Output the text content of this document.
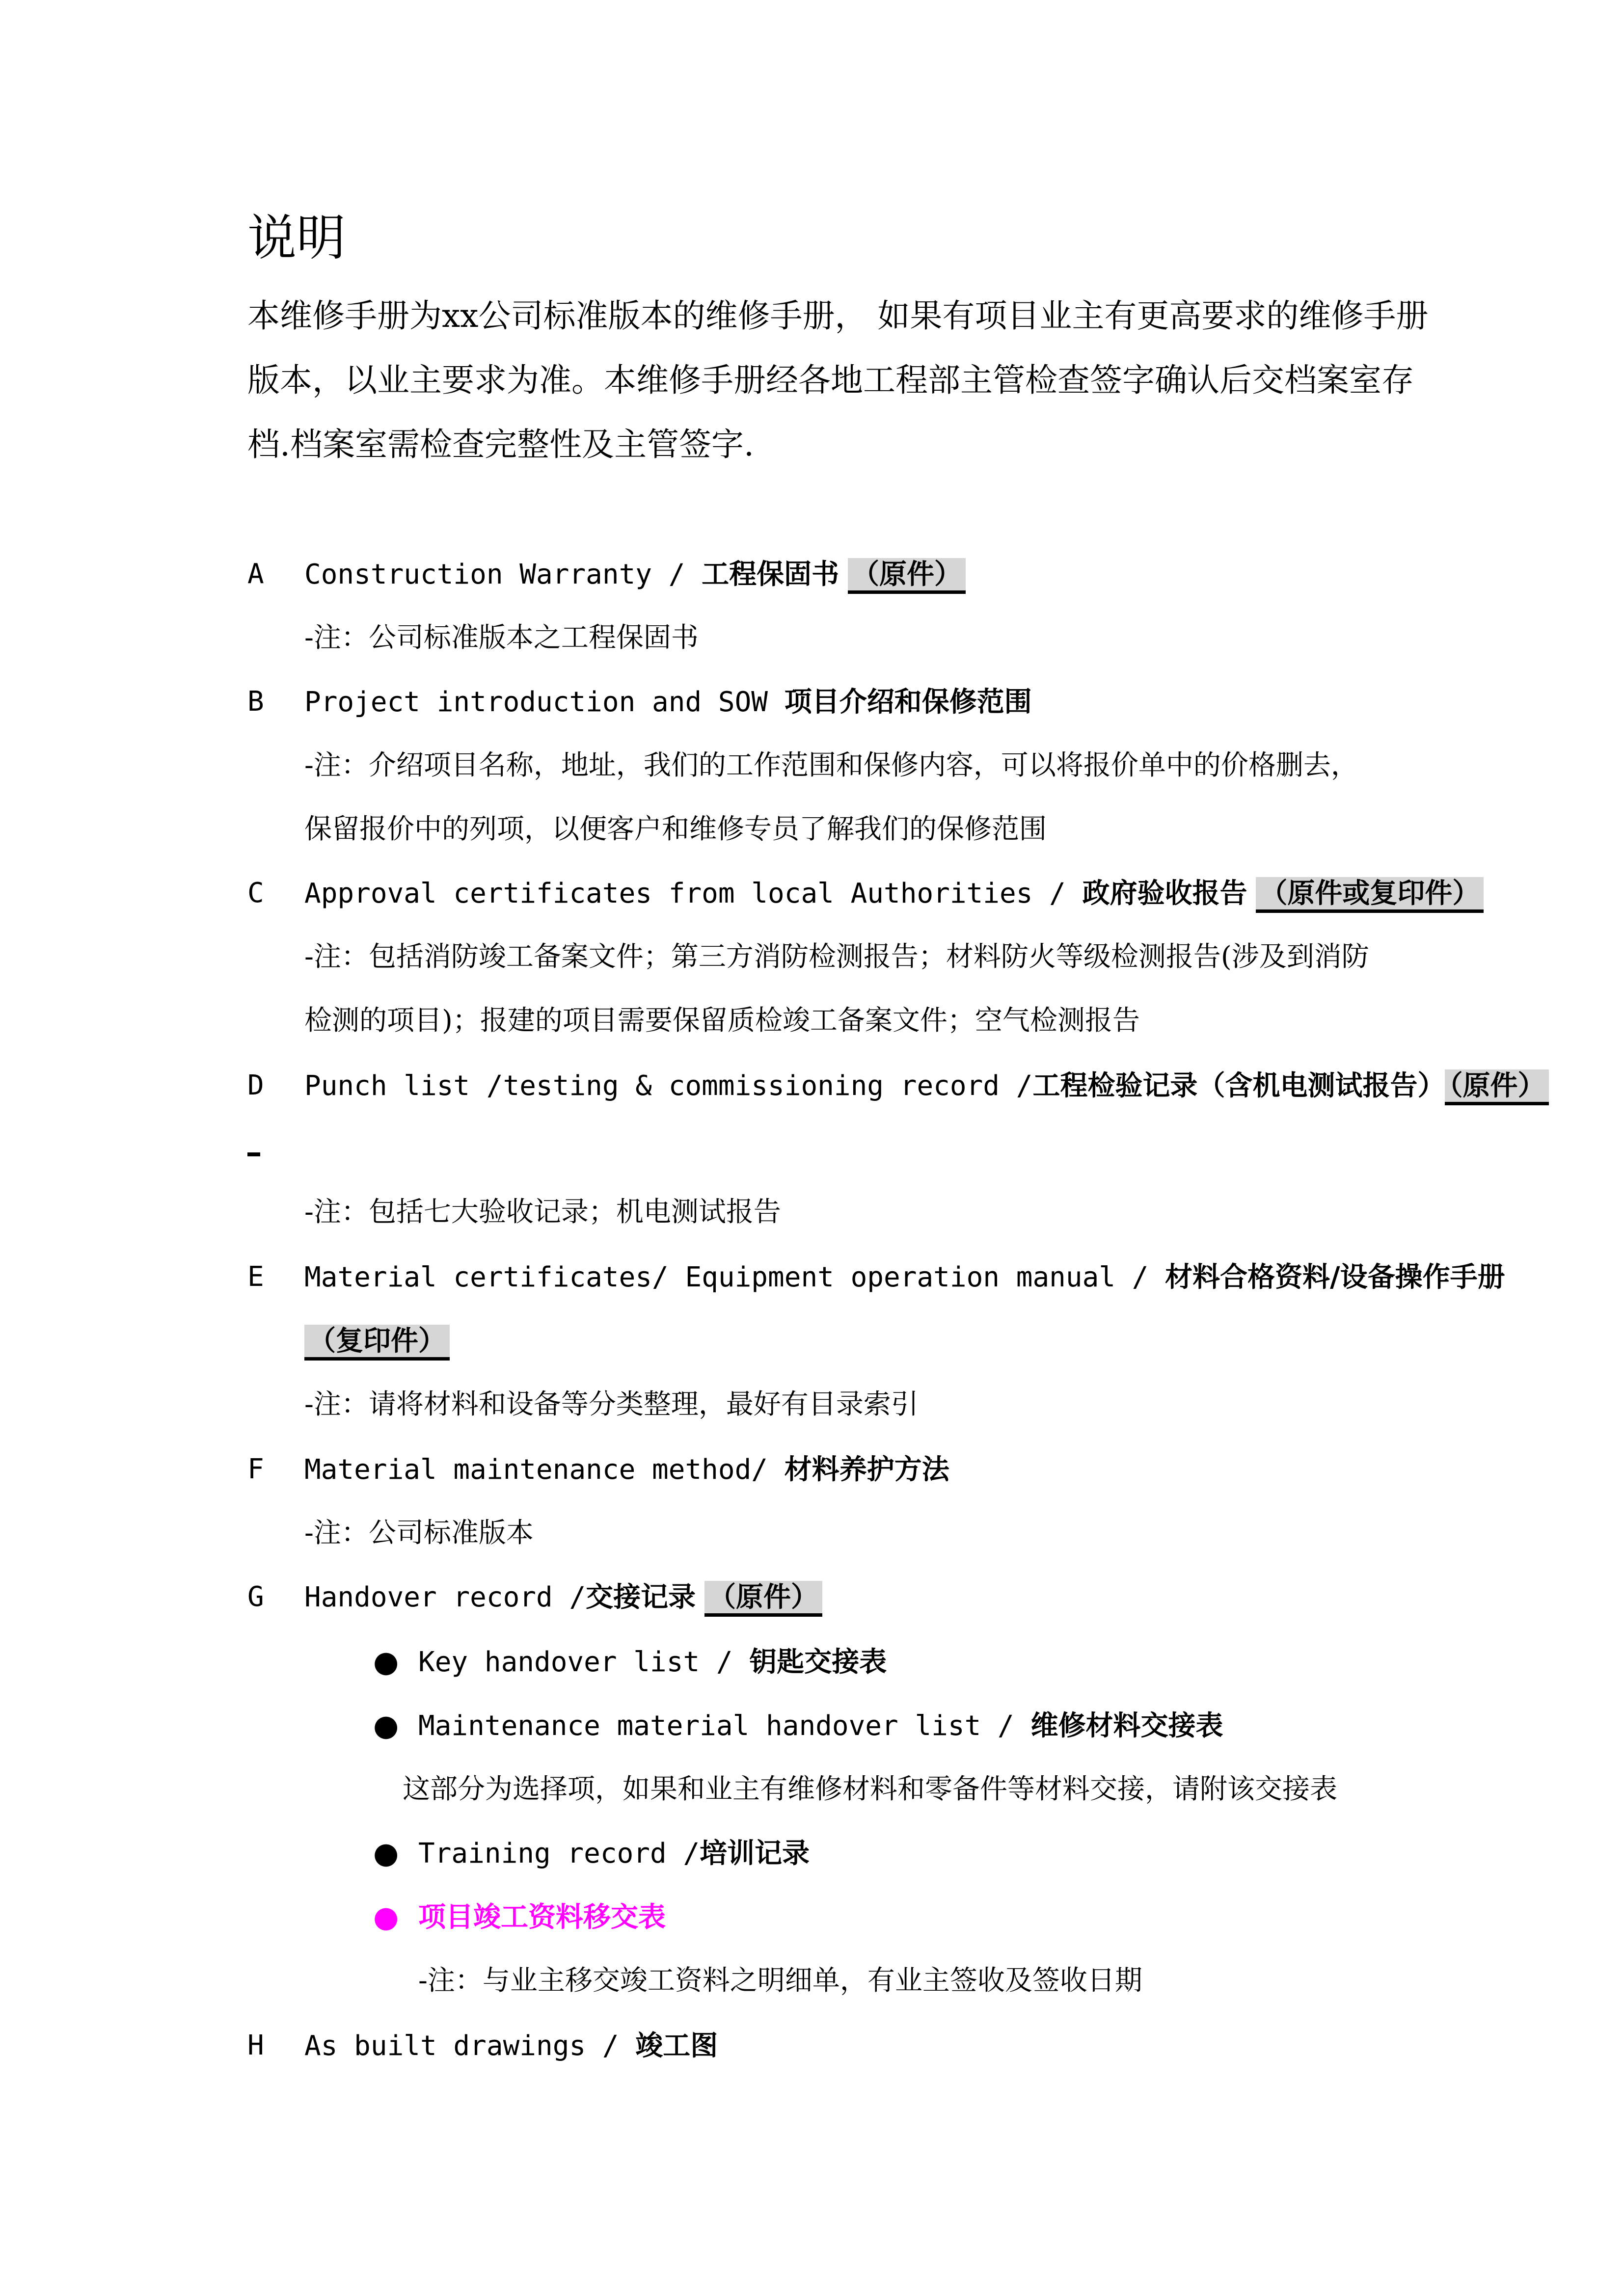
说明
本维修手册为xx公司标准版本的维修手册， 如果有项目业主有更高要求的维修手册版本，以业主要求为准。本维修手册经各地工程部主管检查签字确认后交档案室存档.档案室需检查完整性及主管签字.
A	Construction Warranty / 工程保固书 （原件）
-注：公司标准版本之工程保固书
B	Project introduction and SOW 项目介绍和保修范围
-注：介绍项目名称，地址，我们的工作范围和保修内容，可以将报价单中的价格删去，
保留报价中的列项，以便客户和维修专员了解我们的保修范围
C	Approval certificates from local Authorities / 政府验收报告 （原件或复印件）
-注：包括消防竣工备案文件；第三方消防检测报告；材料防火等级检测报告(涉及到消防
检测的项目)；报建的项目需要保留质检竣工备案文件；空气检测报告
D	Punch list /testing & commissioning record /工程检验记录（含机电测试报告） （原件）
-注：包括七大验收记录；机电测试报告
E	Material certificates/ Equipment operation manual / 材料合格资料/设备操作手册
（复印件）
-注：请将材料和设备等分类整理，最好有目录索引
F	Material maintenance method/ 材料养护方法
-注：公司标准版本
G	Handover record /交接记录 （原件）
● Key handover list / 钥匙交接表
● Maintenance material handover list / 维修材料交接表
这部分为选择项，如果和业主有维修材料和零备件等材料交接，请附该交接表
● Training record /培训记录
● 项目竣工资料移交表
-注：与业主移交竣工资料之明细单，有业主签收及签收日期
H	As built drawings / 竣工图
